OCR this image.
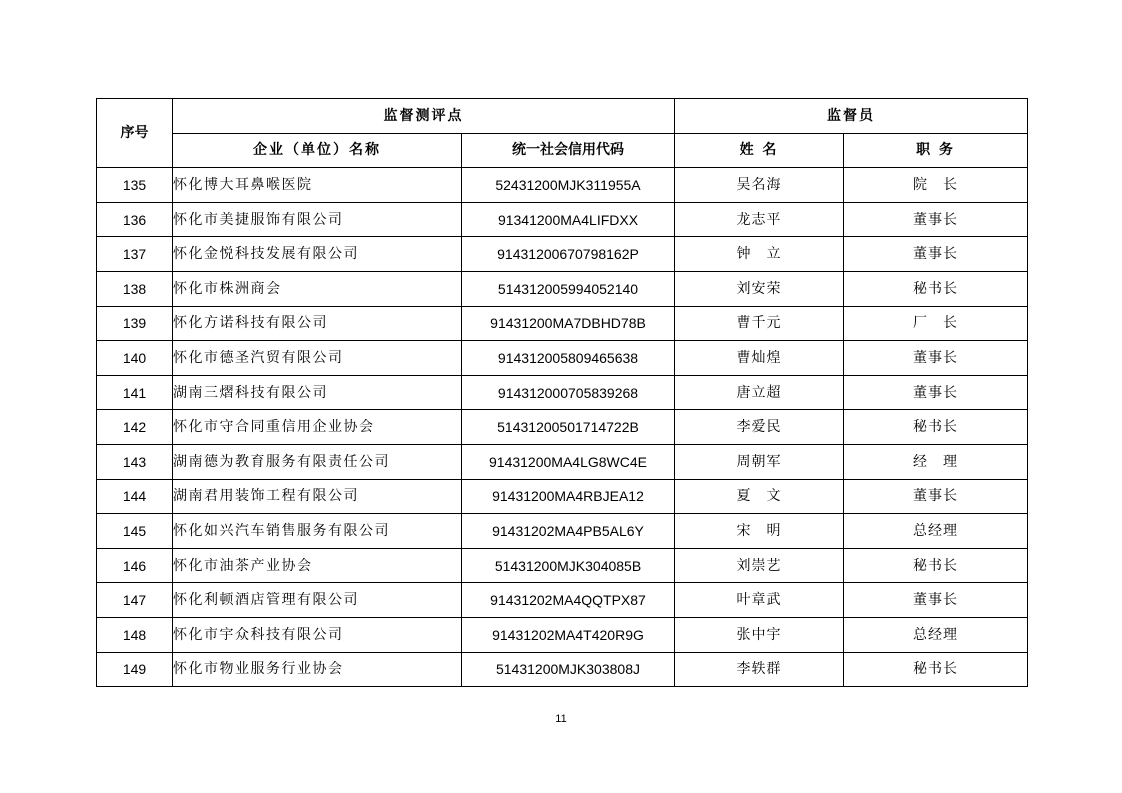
序号	监督测评点		监督员	
	企业（单位）名称	统一社会信用代码	姓 名	职 务
135	怀化博大耳鼻喉医院	52431200MJK311955A	吴名海	院　长
136	怀化市美捷服饰有限公司	91341200MA4LIFDXX	龙志平	董事长
137	怀化金悦科技发展有限公司	91431200670798162P	钟　立	董事长
138	怀化市株洲商会	514312005994052140	刘安荣	秘书长
139	怀化方诺科技有限公司	91431200MA7DBHD78B	曹千元	厂　长
140	怀化市德圣汽贸有限公司	914312005809465638	曹灿煌	董事长
141	湖南三熠科技有限公司	914312000705839268	唐立超	董事长
142	怀化市守合同重信用企业协会	51431200501714722B	李爱民	秘书长
143	湖南德为教育服务有限责任公司	91431200MA4LG8WC4E	周朝军	经　理
144	湖南君用装饰工程有限公司	91431200MA4RBJEA12	夏　文	董事长
145	怀化如兴汽车销售服务有限公司	91431202MA4PB5AL6Y	宋　明	总经理
146	怀化市油茶产业协会	51431200MJK304085B	刘崇艺	秘书长
147	怀化利顿酒店管理有限公司	91431202MA4QQTPX87	叶章武	董事长
148	怀化市宇众科技有限公司	91431202MA4T420R9G	张中宇	总经理
149	怀化市物业服务行业协会	51431200MJK303808J	李轶群	秘书长
11
